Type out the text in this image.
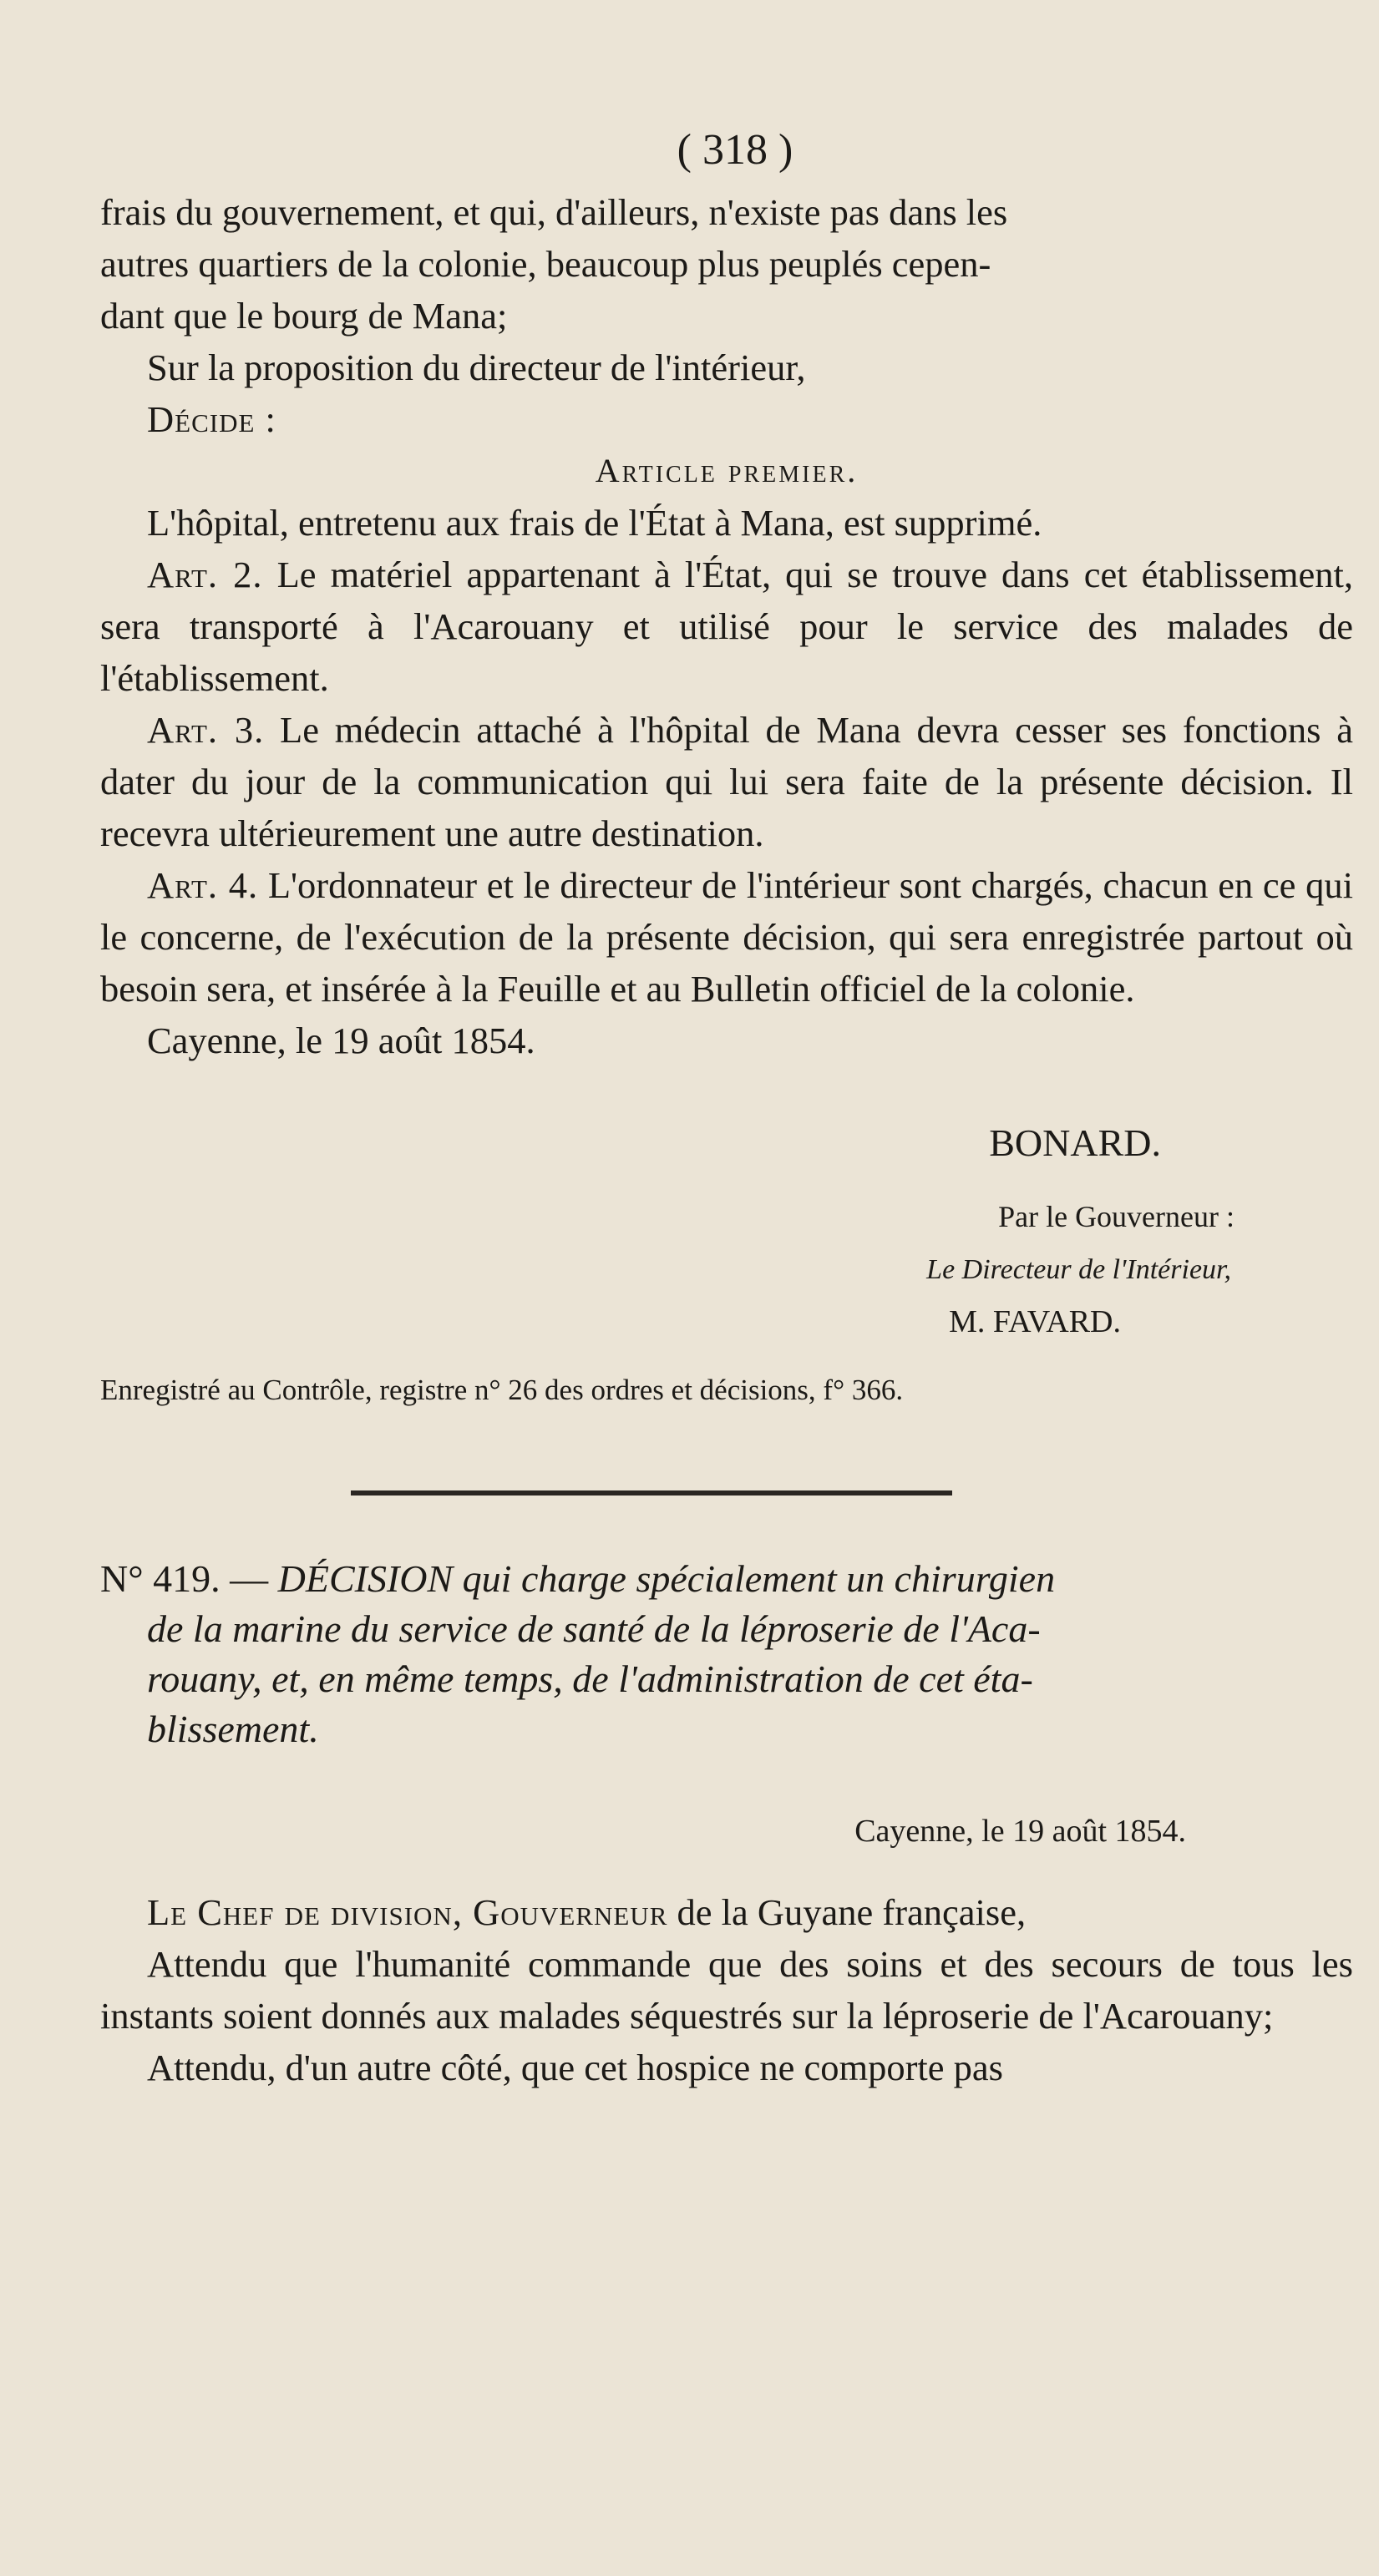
( 318 )

frais du gouvernement, et qui, d'ailleurs, n'existe pas dans les
autres quartiers de la colonie, beaucoup plus peuplés cepen-
dant que le bourg de Mana;

Sur la proposition du directeur de l'intérieur,

Décide :

Article premier.

L'hôpital, entretenu aux frais de l'État à Mana, est supprimé.

Art. 2. Le matériel appartenant à l'État, qui se trouve dans cet établissement, sera transporté à l'Acarouany et utilisé pour le service des malades de l'établissement.

Art. 3. Le médecin attaché à l'hôpital de Mana devra cesser ses fonctions à dater du jour de la communication qui lui sera faite de la présente décision. Il recevra ultérieurement une autre destination.

Art. 4. L'ordonnateur et le directeur de l'intérieur sont chargés, chacun en ce qui le concerne, de l'exécution de la présente décision, qui sera enregistrée partout où besoin sera, et insérée à la Feuille et au Bulletin officiel de la colonie.

Cayenne, le 19 août 1854.

BONARD.

Par le Gouverneur :

Le Directeur de l'Intérieur,

M. FAVARD.

Enregistré au Contrôle, registre n° 26 des ordres et décisions, f° 366.

N° 419. — DÉCISION qui charge spécialement un chirurgien
de la marine du service de santé de la léproserie de l'Aca-
rouany, et, en même temps, de l'administration de cet éta-
blissement.

Cayenne, le 19 août 1854.

Le Chef de division, Gouverneur de la Guyane française,

Attendu que l'humanité commande que des soins et des secours de tous les instants soient donnés aux malades séquestrés sur la léproserie de l'Acarouany;

Attendu, d'un autre côté, que cet hospice ne comporte pas
